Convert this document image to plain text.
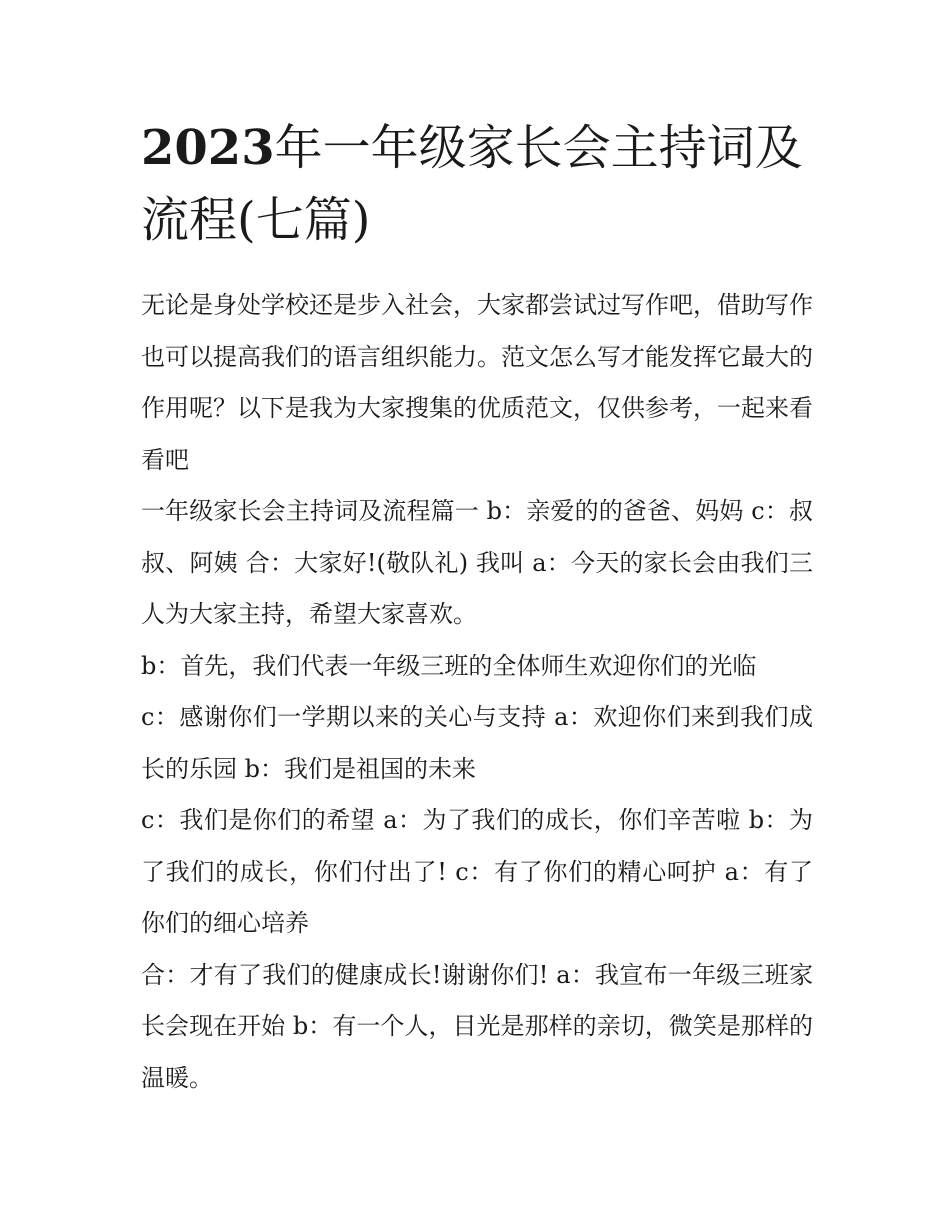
2023年一年级家长会主持词及流程(七篇)

无论是身处学校还是步入社会，大家都尝试过写作吧，借助写作也可以提高我们的语言组织能力。范文怎么写才能发挥它最大的作用呢？以下是我为大家搜集的优质范文，仅供参考，一起来看看吧

一年级家长会主持词及流程篇一 b：亲爱的的爸爸、妈妈 c：叔叔、阿姨 合：大家好!(敬队礼) 我叫 a：今天的家长会由我们三人为大家主持，希望大家喜欢。

b：首先，我们代表一年级三班的全体师生欢迎你们的光临

c：感谢你们一学期以来的关心与支持 a：欢迎你们来到我们成长的乐园 b：我们是祖国的未来

c：我们是你们的希望 a：为了我们的成长，你们辛苦啦 b：为了我们的成长，你们付出了! c：有了你们的精心呵护 a：有了你们的细心培养

合：才有了我们的健康成长!谢谢你们! a：我宣布一年级三班家长会现在开始 b：有一个人，目光是那样的亲切，微笑是那样的温暖。
